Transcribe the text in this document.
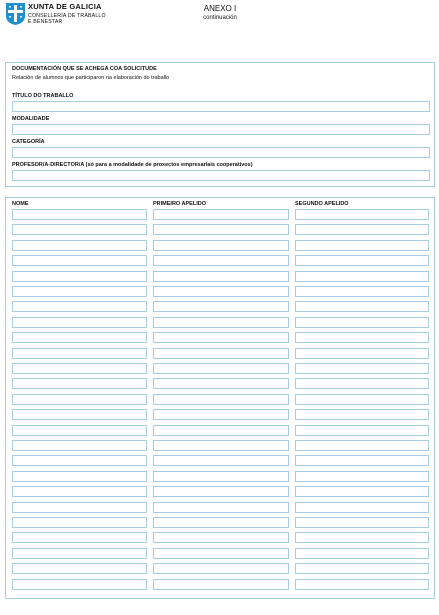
XUNTA DE GALICIA
CONSELLERÍA DE TRABALLO
E BENESTAR
ANEXO I
continuación
DOCUMENTACIÓN QUE SE ACHEGA COA SOLICITUDE
Relación de alumnos que participaron na elaboración do traballo
TÍTULO DO TRABALLO
MODALIDADE
CATEGORÍA
PROFESOR/A-DIRECTOR/A (só para a modalidade de proxectos empresariais cooperativos)
NOME	PRIMEIRO APELIDO	SEGUNDO APELIDO
